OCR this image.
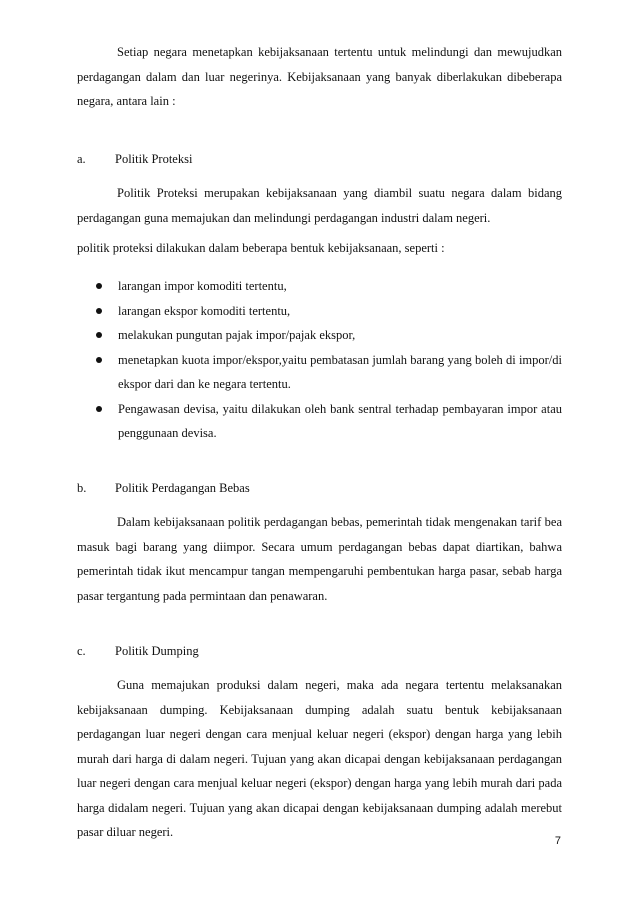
Setiap negara menetapkan kebijaksanaan tertentu untuk melindungi dan mewujudkan perdagangan dalam dan luar negerinya. Kebijaksanaan yang banyak diberlakukan dibeberapa negara, antara lain :

a. Politik Proteksi

Politik Proteksi merupakan kebijaksanaan yang diambil suatu negara dalam bidang perdagangan guna memajukan dan melindungi perdagangan industri dalam negeri.

politik proteksi dilakukan dalam beberapa bentuk kebijaksanaan, seperti :

larangan impor komoditi tertentu,
larangan ekspor komoditi tertentu,
melakukan pungutan pajak impor/pajak ekspor,
menetapkan kuota impor/ekspor,yaitu pembatasan jumlah barang yang boleh di impor/di ekspor dari dan ke negara tertentu.
Pengawasan devisa, yaitu dilakukan oleh bank sentral terhadap pembayaran impor atau penggunaan devisa.
b. Politik Perdagangan Bebas

Dalam kebijaksanaan politik perdagangan bebas, pemerintah tidak mengenakan tarif bea masuk bagi barang yang diimpor. Secara umum perdagangan bebas dapat diartikan, bahwa pemerintah tidak ikut mencampur tangan mempengaruhi pembentukan harga pasar, sebab harga pasar tergantung pada permintaan dan penawaran.

c. Politik Dumping

Guna memajukan produksi dalam negeri, maka ada negara tertentu melaksanakan kebijaksanaan dumping. Kebijaksanaan dumping adalah suatu bentuk kebijaksanaan perdagangan luar negeri dengan cara menjual keluar negeri (ekspor) dengan harga yang lebih murah dari harga di dalam negeri. Tujuan yang akan dicapai dengan kebijaksanaan perdagangan luar negeri dengan cara menjual keluar negeri (ekspor) dengan harga yang lebih murah dari pada harga didalam negeri. Tujuan yang akan dicapai dengan kebijaksanaan dumping adalah merebut pasar diluar negeri.

7
